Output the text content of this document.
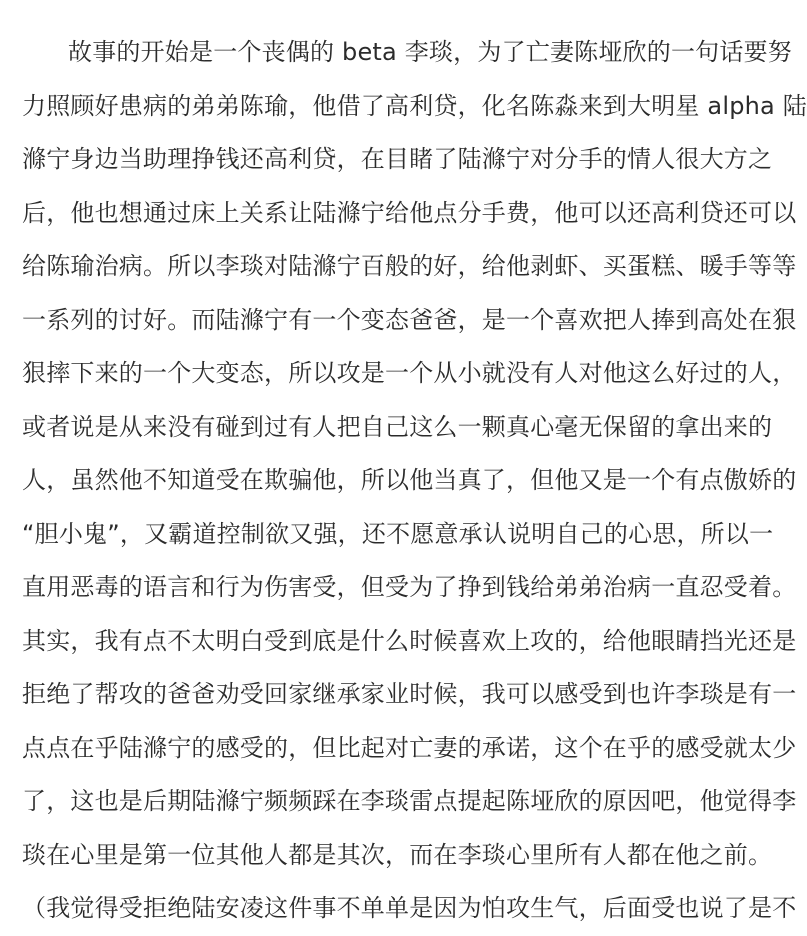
故事的开始是一个丧偶的 beta 李琰，为了亡妻陈垭欣的一句话要努
力照顾好患病的弟弟陈瑜，他借了高利贷，化名陈淼来到大明星 alpha 陆
滌宁身边当助理挣钱还高利贷，在目睹了陆滌宁对分手的情人很大方之
后，他也想通过床上关系让陆滌宁给他点分手费，他可以还高利贷还可以
给陈瑜治病。所以李琰对陆滌宁百般的好，给他剥虾、买蛋糕、暖手等等
一系列的讨好。而陆滌宁有一个变态爸爸，是一个喜欢把人捧到高处在狠
狠摔下来的一个大变态，所以攻是一个从小就没有人对他这么好过的人，
或者说是从来没有碰到过有人把自己这么一颗真心毫无保留的拿出来的
人，虽然他不知道受在欺骗他，所以他当真了，但他又是一个有点傲娇的
“胆小鬼”，又霸道控制欲又强，还不愿意承认说明自己的心思，所以一
直用恶毒的语言和行为伤害受，但受为了挣到钱给弟弟治病一直忍受着。
其实，我有点不太明白受到底是什么时候喜欢上攻的，给他眼睛挡光还是
拒绝了帮攻的爸爸劝受回家继承家业时候，我可以感受到也许李琰是有一
点点在乎陆滌宁的感受的，但比起对亡妻的承诺，这个在乎的感受就太少
了，这也是后期陆滌宁频频踩在李琰雷点提起陈垭欣的原因吧，他觉得李
琰在心里是第一位其他人都是其次，而在李琰心里所有人都在他之前。
（我觉得受拒绝陆安凌这件事不单单是因为怕攻生气，后面受也说了是不
